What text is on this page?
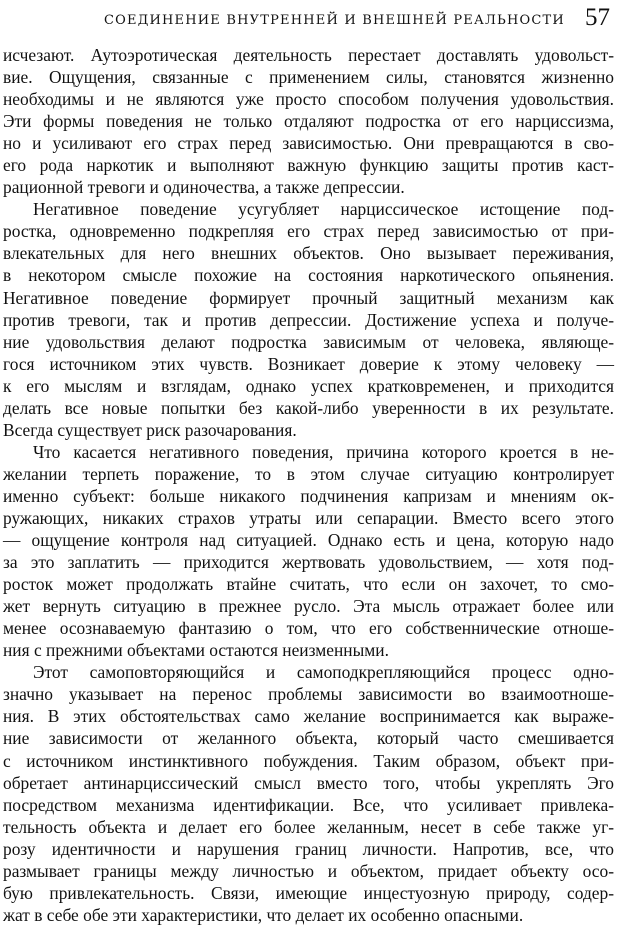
СОЕДИНЕНИЕ ВНУТРЕННЕЙ И ВНЕШНЕЙ РЕАЛЬНОСТИ 57
исчезают. Аутоэротическая деятельность перестает доставлять удовольст-
вие. Ощущения, связанные с применением силы, становятся жизненно
необходимы и не являются уже просто способом получения удовольствия.
Эти формы поведения не только отдаляют подростка от его нарциссизма,
но и усиливают его страх перед зависимостью. Они превращаются в сво-
его рода наркотик и выполняют важную функцию защиты против каст-
рационной тревоги и одиночества, а также депрессии.
Негативное поведение усугубляет нарциссическое истощение под-
ростка, одновременно подкрепляя его страх перед зависимостью от при-
влекательных для него внешних объектов. Оно вызывает переживания,
в некотором смысле похожие на состояния наркотического опьянения.
Негативное поведение формирует прочный защитный механизм как
против тревоги, так и против депрессии. Достижение успеха и получе-
ние удовольствия делают подростка зависимым от человека, являюще-
гося источником этих чувств. Возникает доверие к этому человеку —
к его мыслям и взглядам, однако успех кратковременен, и приходится
делать все новые попытки без какой-либо уверенности в их результате.
Всегда существует риск разочарования.
Что касается негативного поведения, причина которого кроется в не-
желании терпеть поражение, то в этом случае ситуацию контролирует
именно субъект: больше никакого подчинения капризам и мнениям ок-
ружающих, никаких страхов утраты или сепарации. Вместо всего этого
— ощущение контроля над ситуацией. Однако есть и цена, которую надо
за это заплатить — приходится жертвовать удовольствием, — хотя под-
росток может продолжать втайне считать, что если он захочет, то смо-
жет вернуть ситуацию в прежнее русло. Эта мысль отражает более или
менее осознаваемую фантазию о том, что его собственнические отноше-
ния с прежними объектами остаются неизменными.
Этот самоповторяющийся и самоподкрепляющийся процесс одно-
значно указывает на перенос проблемы зависимости во взаимоотноше-
ния. В этих обстоятельствах само желание воспринимается как выраже-
ние зависимости от желанного объекта, который часто смешивается
с источником инстинктивного побуждения. Таким образом, объект при-
обретает антинарциссический смысл вместо того, чтобы укреплять Эго
посредством механизма идентификации. Все, что усиливает привлека-
тельность объекта и делает его более желанным, несет в себе также уг-
розу идентичности и нарушения границ личности. Напротив, все, что
размывает границы между личностью и объектом, придает объекту осо-
бую привлекательность. Связи, имеющие инцестуозную природу, содер-
жат в себе обе эти характеристики, что делает их особенно опасными.
